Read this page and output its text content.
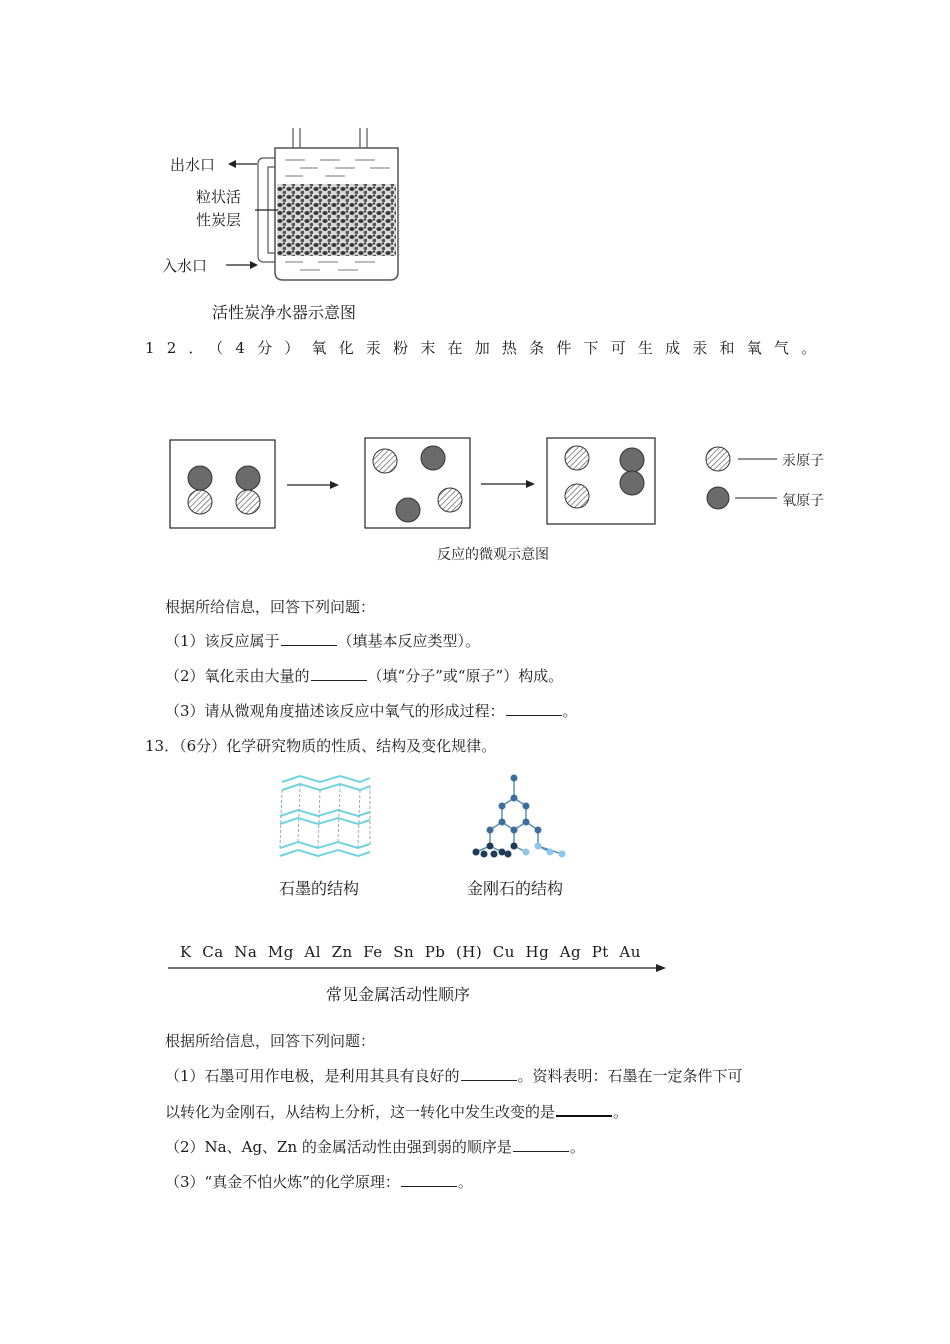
出水口
粒状活
性炭层
入水口
活性炭净水器示意图
12．（4分）氧化汞粉末在加热条件下可生成汞和氧气。
汞原子
氧原子
反应的微观示意图
根据所给信息，回答下列问题：
（1）该反应属于	（填基本反应类型）。
（2）氧化汞由大量的	（填“分子”或“原子”）构成。
（3）请从微观角度描述该反应中氧气的形成过程：	。
13．（6分）化学研究物质的性质、结构及变化规律。
石墨的结构	金刚石的结构
K Ca Na Mg Al Zn Fe Sn Pb (H) Cu Hg Ag Pt Au
常见金属活动性顺序
根据所给信息，回答下列问题：
（1）石墨可用作电极，是利用其具有良好的	。资料表明：石墨在一定条件下可
以转化为金刚石，从结构上分析，这一转化中发生改变的是	。
（2）Na、Ag、Zn 的金属活动性由强到弱的顺序是	。
（3）“真金不怕火炼”的化学原理：	。
